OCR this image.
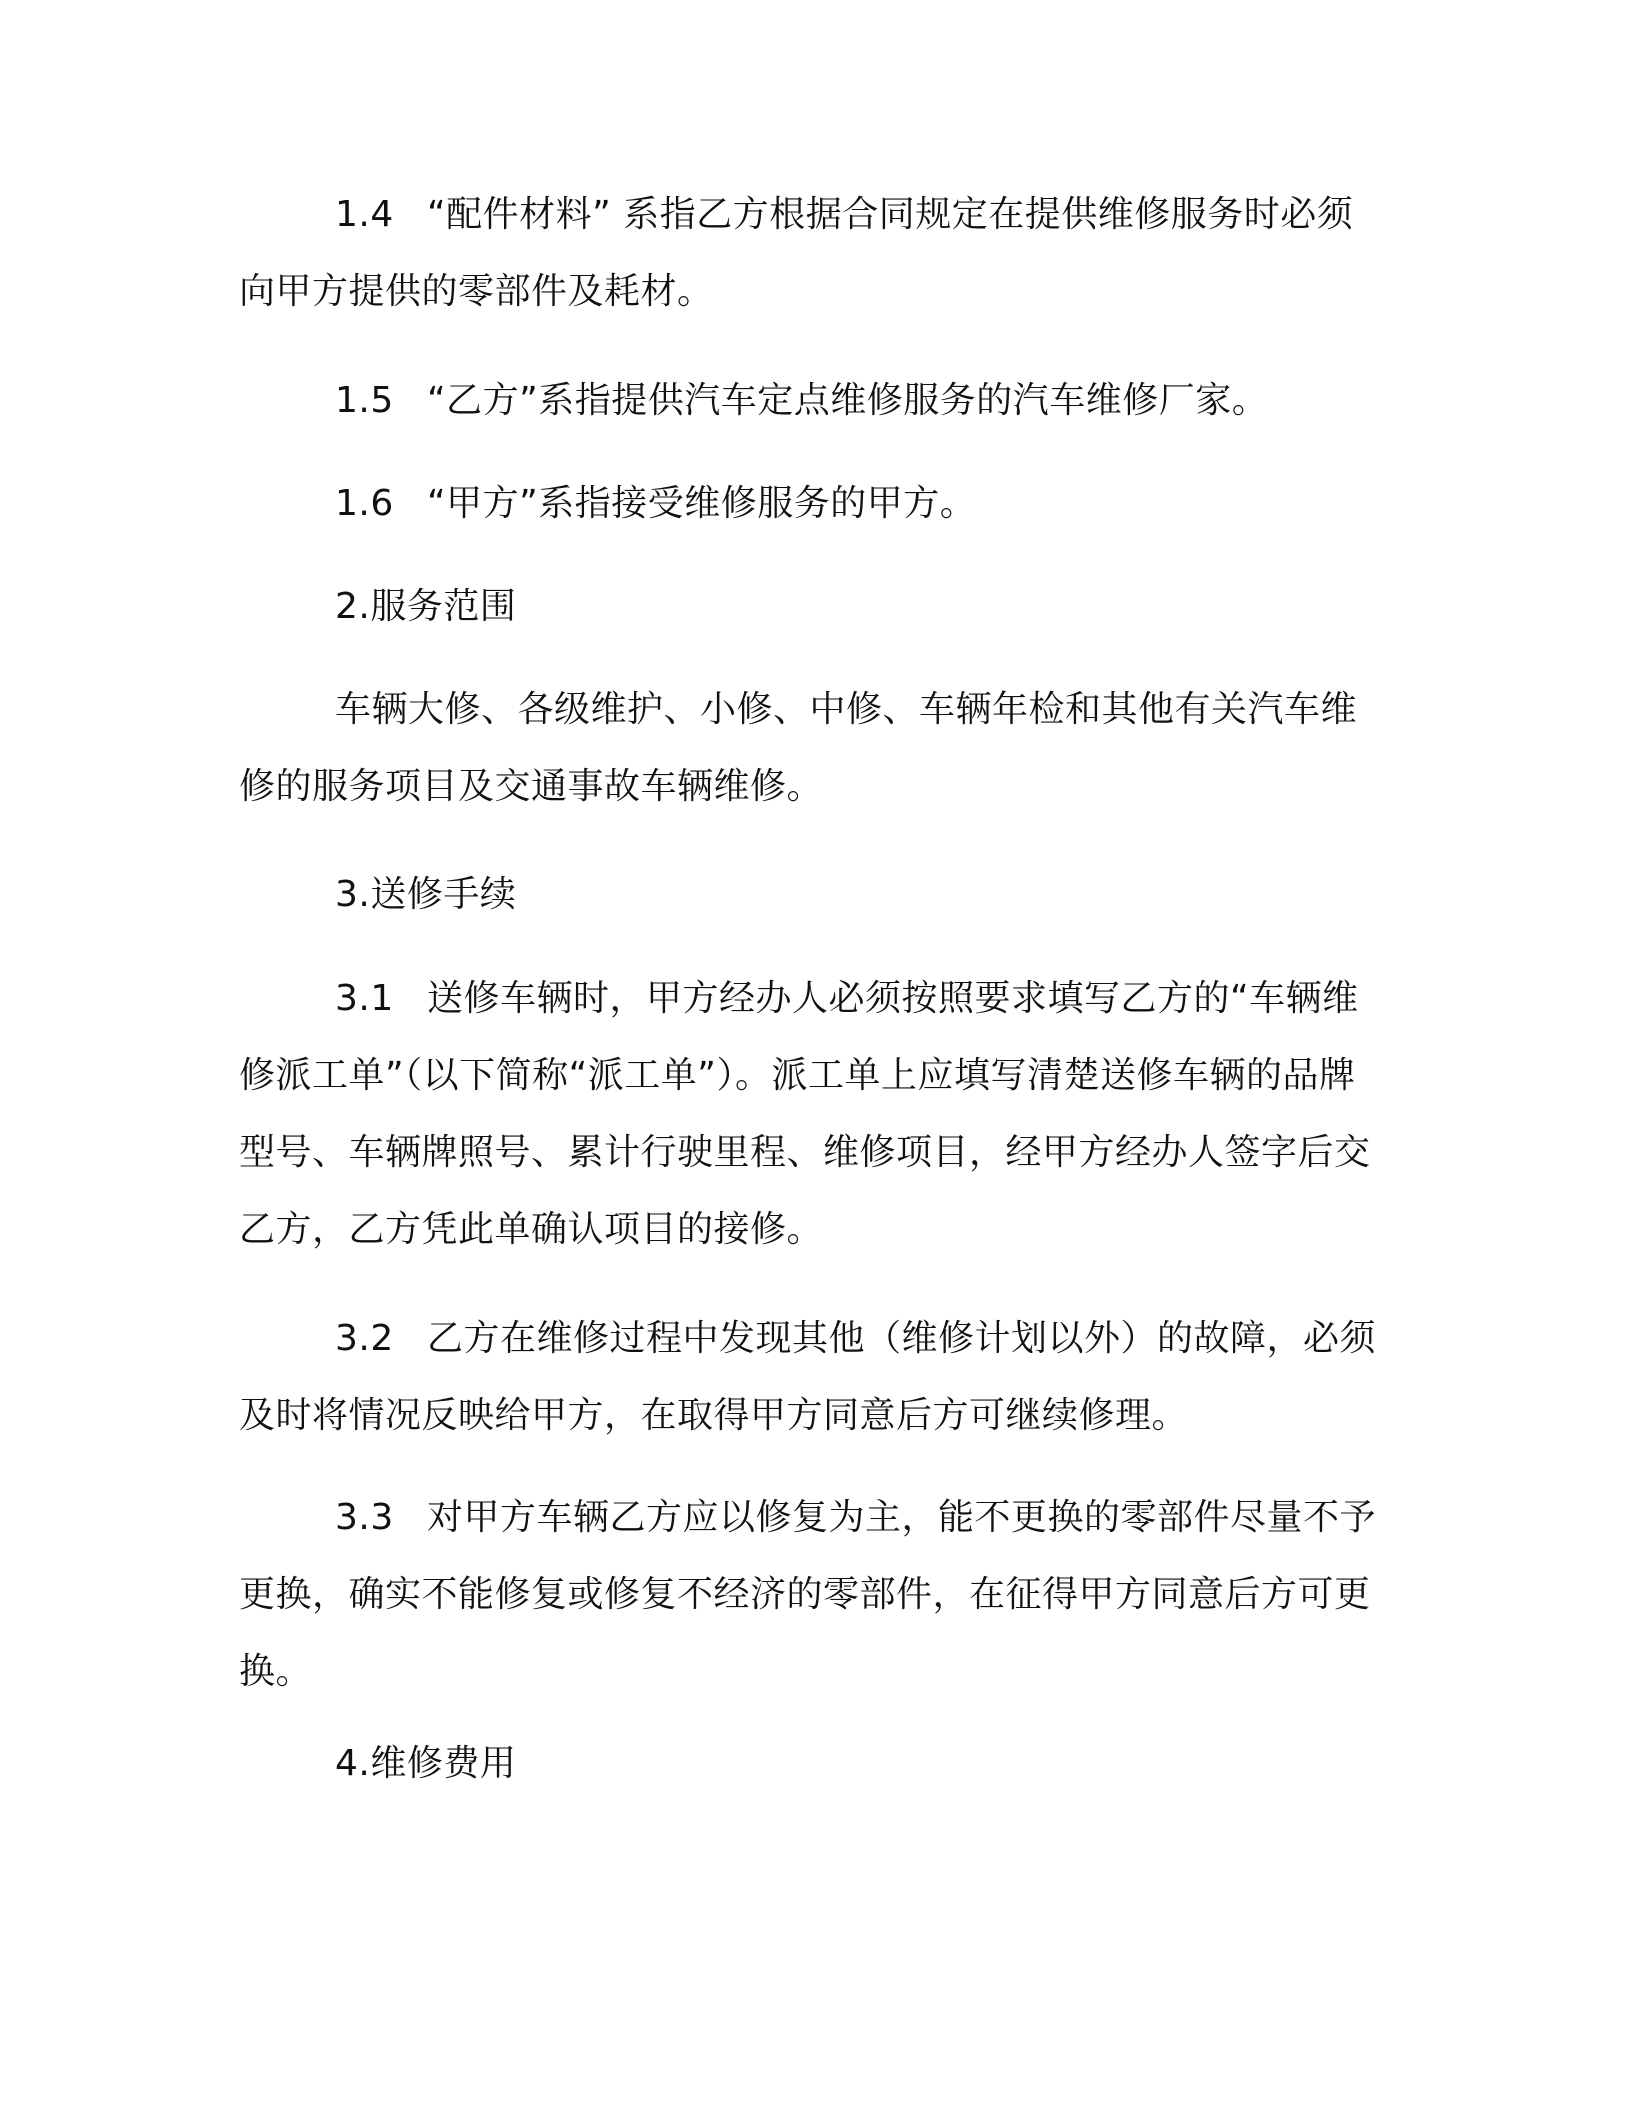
1.4 “配件材料” 系指乙方根据合同规定在提供维修服务时必须向甲方提供的零部件及耗材。

1.5 “乙方”系指提供汽车定点维修服务的汽车维修厂家。

1.6 “甲方”系指接受维修服务的甲方。

2.服务范围

车辆大修、各级维护、小修、中修、车辆年检和其他有关汽车维修的服务项目及交通事故车辆维修。

3.送修手续

3.1 送修车辆时，甲方经办人必须按照要求填写乙方的“车辆维修派工单”（以下简称“派工单”）。派工单上应填写清楚送修车辆的品牌型号、车辆牌照号、累计行驶里程、维修项目，经甲方经办人签字后交乙方，乙方凭此单确认项目的接修。

3.2 乙方在维修过程中发现其他（维修计划以外）的故障，必须及时将情况反映给甲方，在取得甲方同意后方可继续修理。

3.3 对甲方车辆乙方应以修复为主，能不更换的零部件尽量不予更换，确实不能修复或修复不经济的零部件，在征得甲方同意后方可更换。

4.维修费用
